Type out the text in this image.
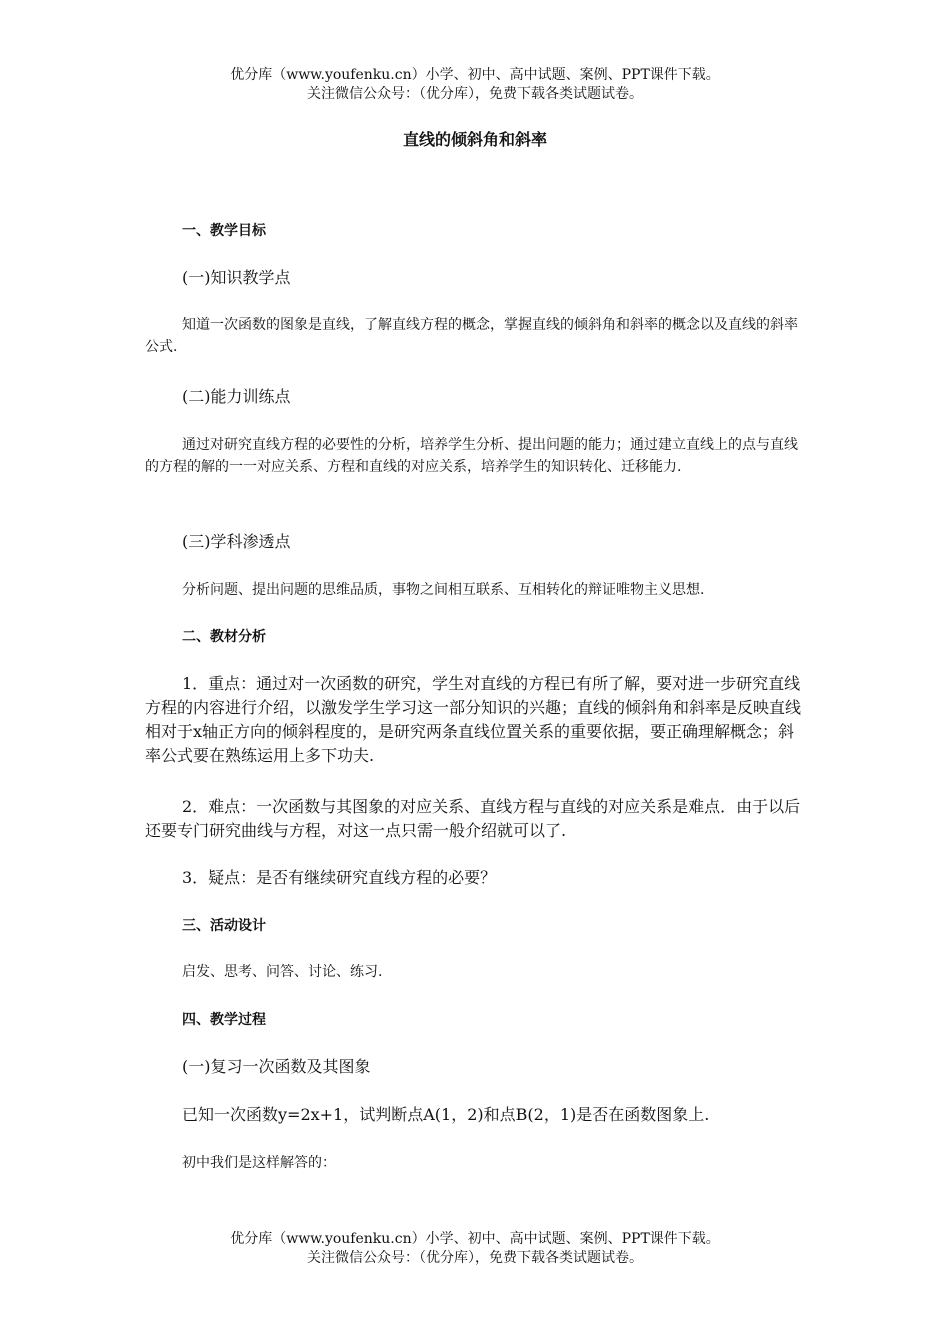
优分库（www.youfenku.cn）小学、初中、高中试题、案例、PPT课件下载。
关注微信公众号：（优分库），免费下载各类试题试卷。
直线的倾斜角和斜率

一、教学目标

(一)知识教学点

知道一次函数的图象是直线，了解直线方程的概念，掌握直线的倾斜角和斜率的概念以及直线的斜率公式.

(二)能力训练点

通过对研究直线方程的必要性的分析，培养学生分析、提出问题的能力；通过建立直线上的点与直线的方程的解的一一对应关系、方程和直线的对应关系，培养学生的知识转化、迁移能力.

(三)学科渗透点

分析问题、提出问题的思维品质，事物之间相互联系、互相转化的辩证唯物主义思想.

二、教材分析

1．重点：通过对一次函数的研究，学生对直线的方程已有所了解，要对进一步研究直线方程的内容进行介绍，以激发学生学习这一部分知识的兴趣；直线的倾斜角和斜率是反映直线相对于x轴正方向的倾斜程度的，是研究两条直线位置关系的重要依据，要正确理解概念；斜率公式要在熟练运用上多下功夫.

2．难点：一次函数与其图象的对应关系、直线方程与直线的对应关系是难点．由于以后还要专门研究曲线与方程，对这一点只需一般介绍就可以了.

3．疑点：是否有继续研究直线方程的必要？

三、活动设计

启发、思考、问答、讨论、练习.

四、教学过程

(一)复习一次函数及其图象

已知一次函数y=2x+1，试判断点A(1，2)和点B(2，1)是否在函数图象上.

初中我们是这样解答的：

优分库（www.youfenku.cn）小学、初中、高中试题、案例、PPT课件下载。
关注微信公众号：（优分库），免费下载各类试题试卷。
